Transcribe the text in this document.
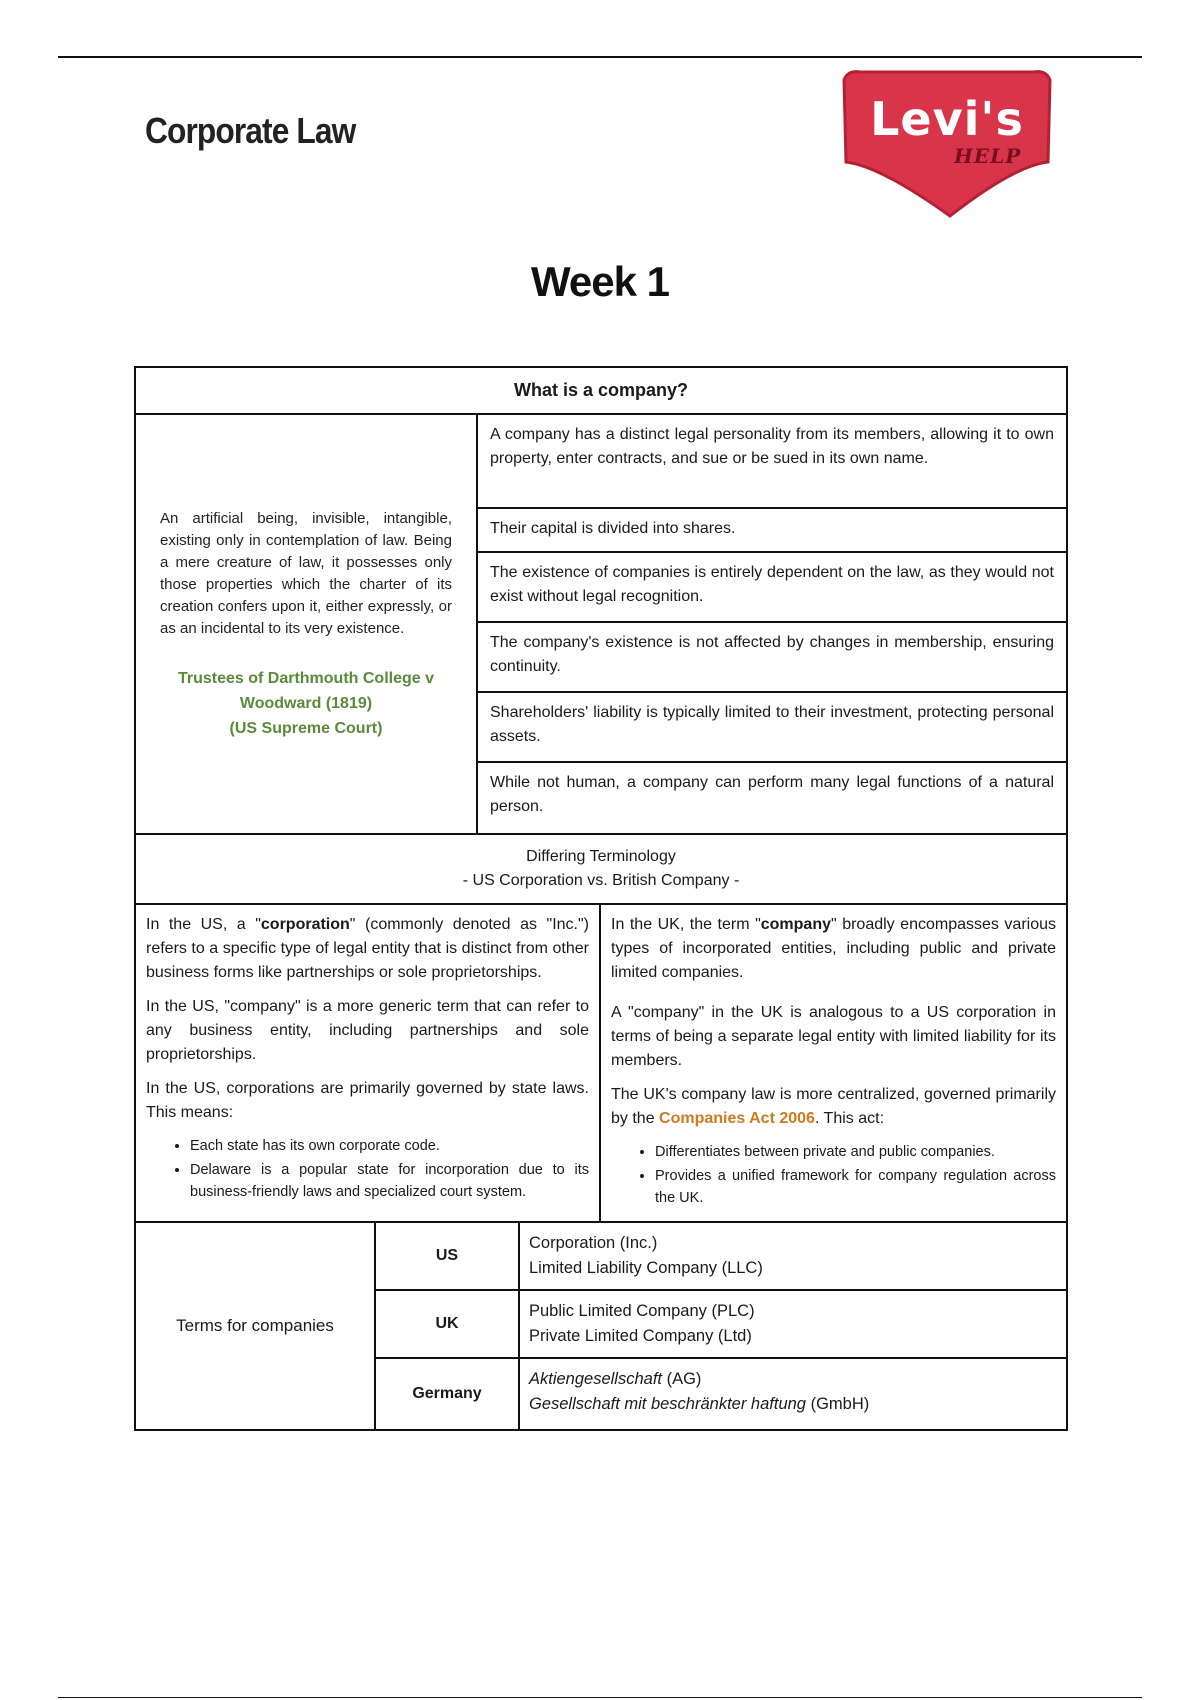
Corporate Law	Levi's
HELP
Week 1
What is a company?
An artificial being, invisible, intangible, existing only in contemplation of law. Being a mere creature of law, it possesses only those properties which the charter of its creation confers upon it, either expressly, or as an incidental to its very existence.
Trustees of Darthmouth College v
Woodward (1819)
(US Supreme Court)
A company has a distinct legal personality from its members, allowing it to own property, enter contracts, and sue or be sued in its own name.
Their capital is divided into shares.
The existence of companies is entirely dependent on the law, as they would not exist without legal recognition.
The company's existence is not affected by changes in membership, ensuring continuity.
Shareholders' liability is typically limited to their investment, protecting personal assets.
While not human, a company can perform many legal functions of a natural person.
Differing Terminology
- US Corporation vs. British Company -

In the US, a "corporation" (commonly denoted as "Inc.") refers to a specific type of legal entity that is distinct from other business forms like partnerships or sole proprietorships.

In the US, "company" is a more generic term that can refer to any business entity, including partnerships and sole proprietorships.

In the US, corporations are primarily governed by state laws. This means:

• Each state has its own corporate code.
• Delaware is a popular state for incorporation due to its business-friendly laws and specialized court system.

In the UK, the term "company" broadly encompasses various types of incorporated entities, including public and private limited companies.

A "company" in the UK is analogous to a US corporation in terms of being a separate legal entity with limited liability for its members.

The UK's company law is more centralized, governed primarily by the Companies Act 2006. This act:

• Differentiates between private and public companies.
• Provides a unified framework for company regulation across the UK.
Terms for companies
US
Corporation (Inc.)
Limited Liability Company (LLC)
UK
Public Limited Company (PLC)
Private Limited Company (Ltd)
Germany
Aktiengesellschaft (AG)
Gesellschaft mit beschränkter haftung (GmbH)
